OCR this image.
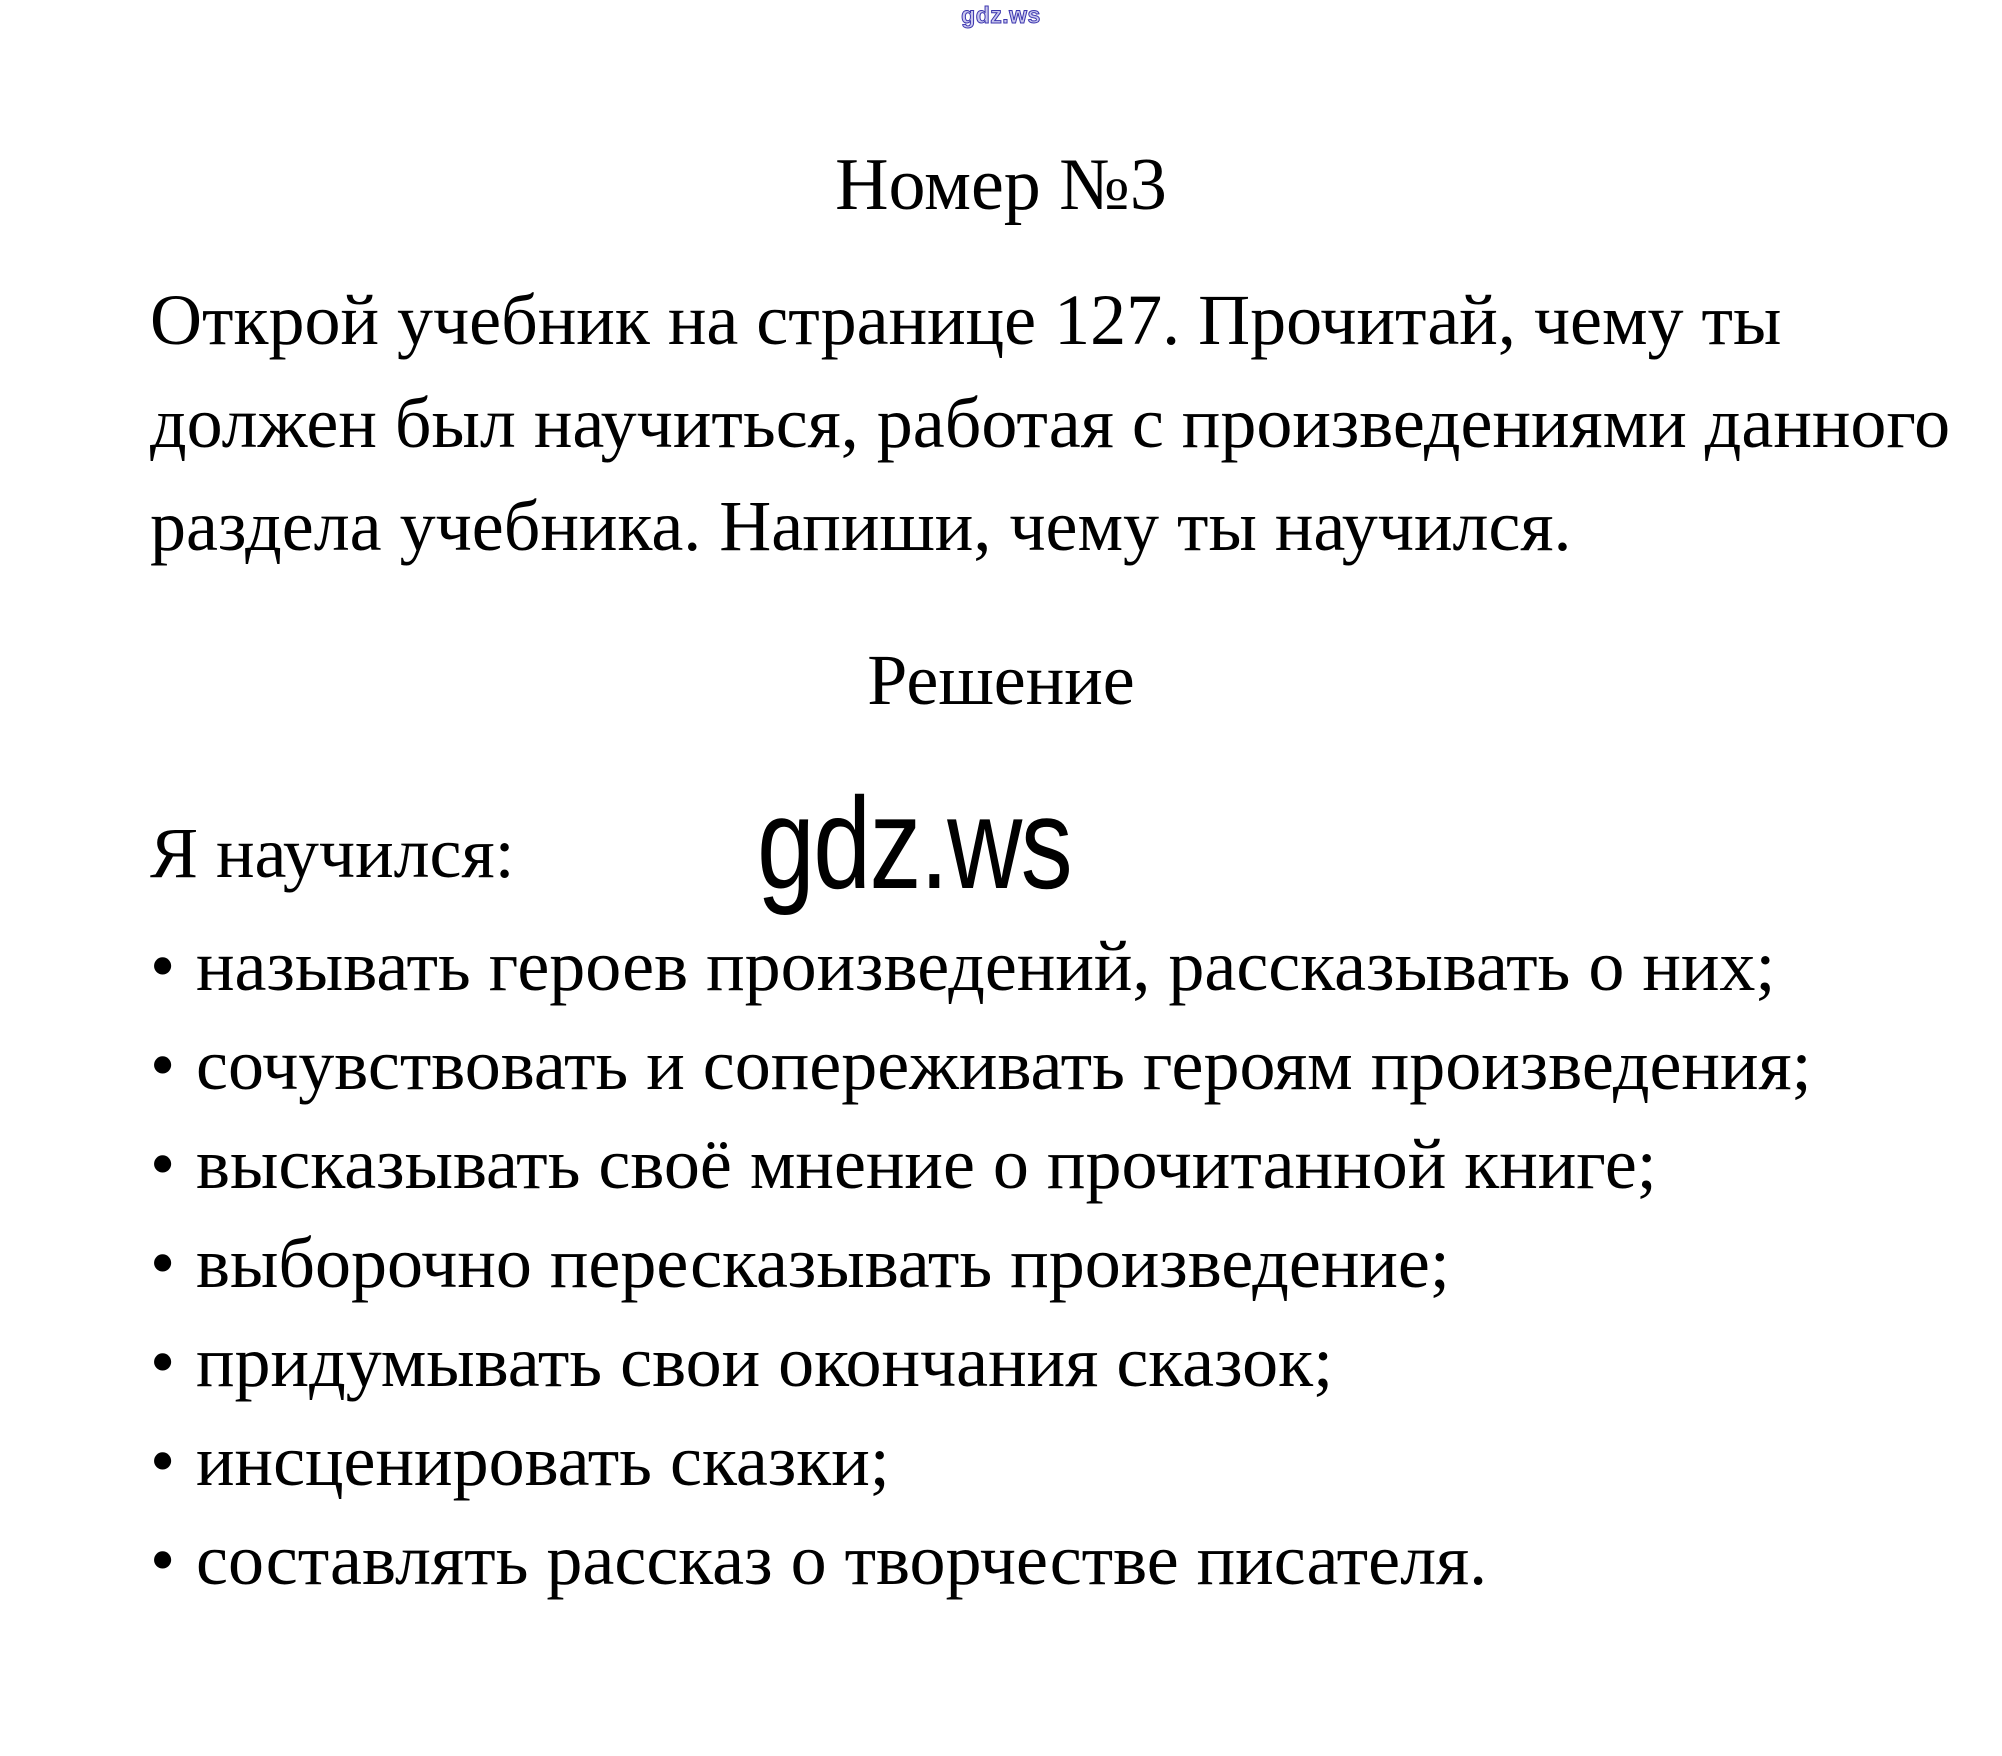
gdz.ws
Номер №3
Открой учебник на странице 127. Прочитай, чему ты
должен был научиться, работая с произведениями данного
раздела учебника. Напиши, чему ты научился.
Решение
gdz.ws
Я научился:
• называть героев произведений, рассказывать о них;
• сочувствовать и сопереживать героям произведения;
• высказывать своё мнение о прочитанной книге;
• выборочно пересказывать произведение;
• придумывать свои окончания сказок;
• инсценировать сказки;
• составлять рассказ о творчестве писателя.
